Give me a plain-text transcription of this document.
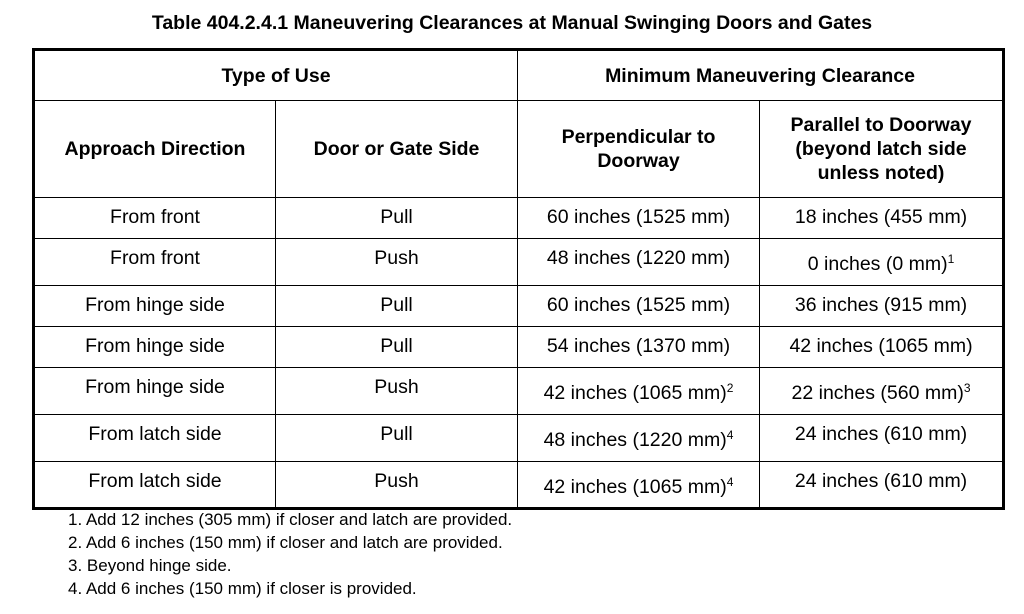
Table 404.2.4.1 Maneuvering Clearances at Manual Swinging Doors and Gates
Type of Use		Minimum Maneuvering Clearance	
Approach Direction	Door or Gate Side	Perpendicular to Doorway	Parallel to Doorway (beyond latch side unless noted)
From front	Pull	60 inches (1525 mm)	18 inches (455 mm)
From front	Push	48 inches (1220 mm)	0 inches (0 mm)$^1$
From hinge side	Pull	60 inches (1525 mm)	36 inches (915 mm)
From hinge side	Pull	54 inches (1370 mm)	42 inches (1065 mm)
From hinge side	Push	42 inches (1065 mm)$^2$	22 inches (560 mm)$^3$
From latch side	Pull	48 inches (1220 mm)$^4$	24 inches (610 mm)
From latch side	Push	42 inches (1065 mm)$^4$	24 inches (610 mm)
1. Add 12 inches (305 mm) if closer and latch are provided.
2. Add 6 inches (150 mm) if closer and latch are provided.
3. Beyond hinge side.
4. Add 6 inches (150 mm) if closer is provided.
